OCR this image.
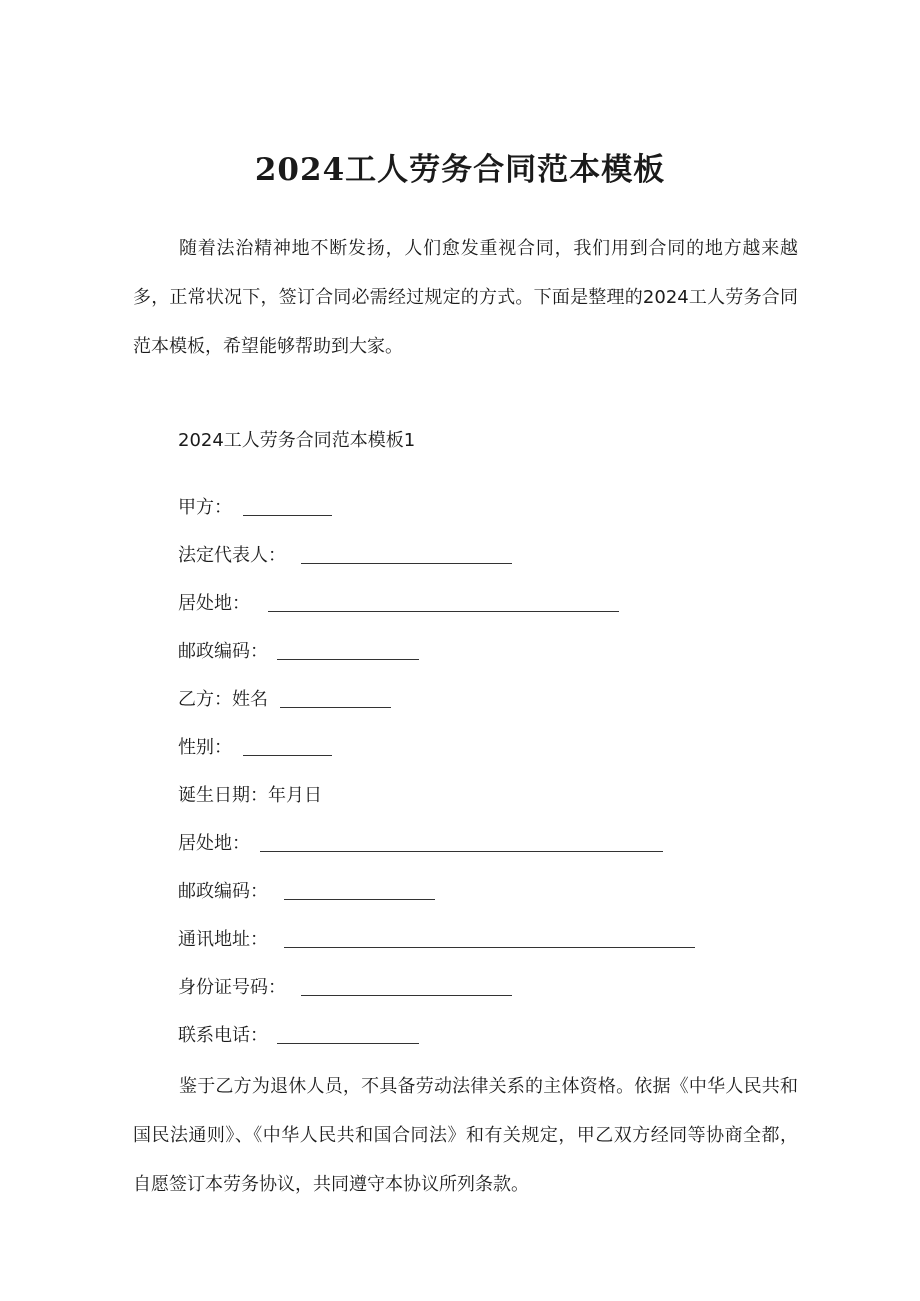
2024工人劳务合同范本模板

随着法治精神地不断发扬，人们愈发重视合同，我们用到合同的地方越来越多，正常状况下，签订合同必需经过规定的方式。下面是整理的2024工人劳务合同范本模板，希望能够帮助到大家。

2024工人劳务合同范本模板1
甲方：
法定代表人：
居处地：
邮政编码：
乙方：姓名
性别：
诞生日期：年月日
居处地：
邮政编码：
通讯地址：
身份证号码：
联系电话：

鉴于乙方为退休人员，不具备劳动法律关系的主体资格。依据《中华人民共和国民法通则》、《中华人民共和国合同法》和有关规定，甲乙双方经同等协商全都，自愿签订本劳务协议，共同遵守本协议所列条款。
